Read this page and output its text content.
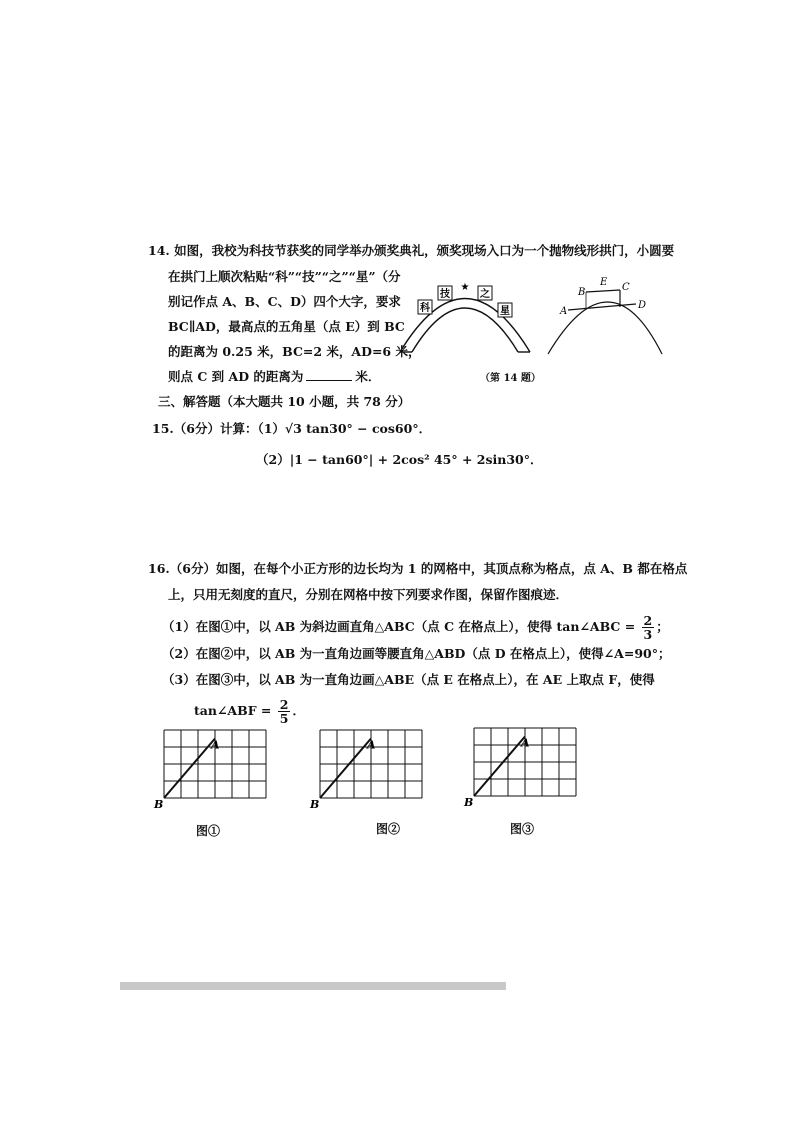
14. 如图，我校为科技节获奖的同学举办颁奖典礼，颁奖现场入口为一个抛物线形拱门，小圆要
在拱门上顺次粘贴“科”“技”“之”“星”（分
别记作点 A、B、C、D）四个大字，要求
BC∥AD，最高点的五角星（点 E）到 BC
的距离为 0.25 米，BC=2 米，AD=6 米，
则点 C 到 AD 的距离为	米．
科
技	之
星
★
A
B
E C
D
（第 14 题）
三、解答题（本大题共 10 小题，共 78 分）
15.（6分）计算：（1）√3 tan30° − cos60°．
（2）|1 − tan60°| + 2cos² 45° + 2sin30°．
16.（6分）如图，在每个小正方形的边长均为 1 的网格中，其顶点称为格点，点 A、B 都在格点
上，只用无刻度的直尺，分别在网格中按下列要求作图，保留作图痕迹．
（1）在图①中，以 AB 为斜边画直角△ABC（点 C 在格点上），使得 tan∠ABC = $\frac{2}{3}$ ；
（2）在图②中，以 AB 为一直角边画等腰直角△ABD（点 D 在格点上），使得∠A=90°；
（3）在图③中，以 AB 为一直角边画△ABE（点 E 在格点上），在 AE 上取点 F，使得
tan∠ABF = $\frac{2}{5}$ ．
A
B
A
B
A
B
图①	图②	图③
